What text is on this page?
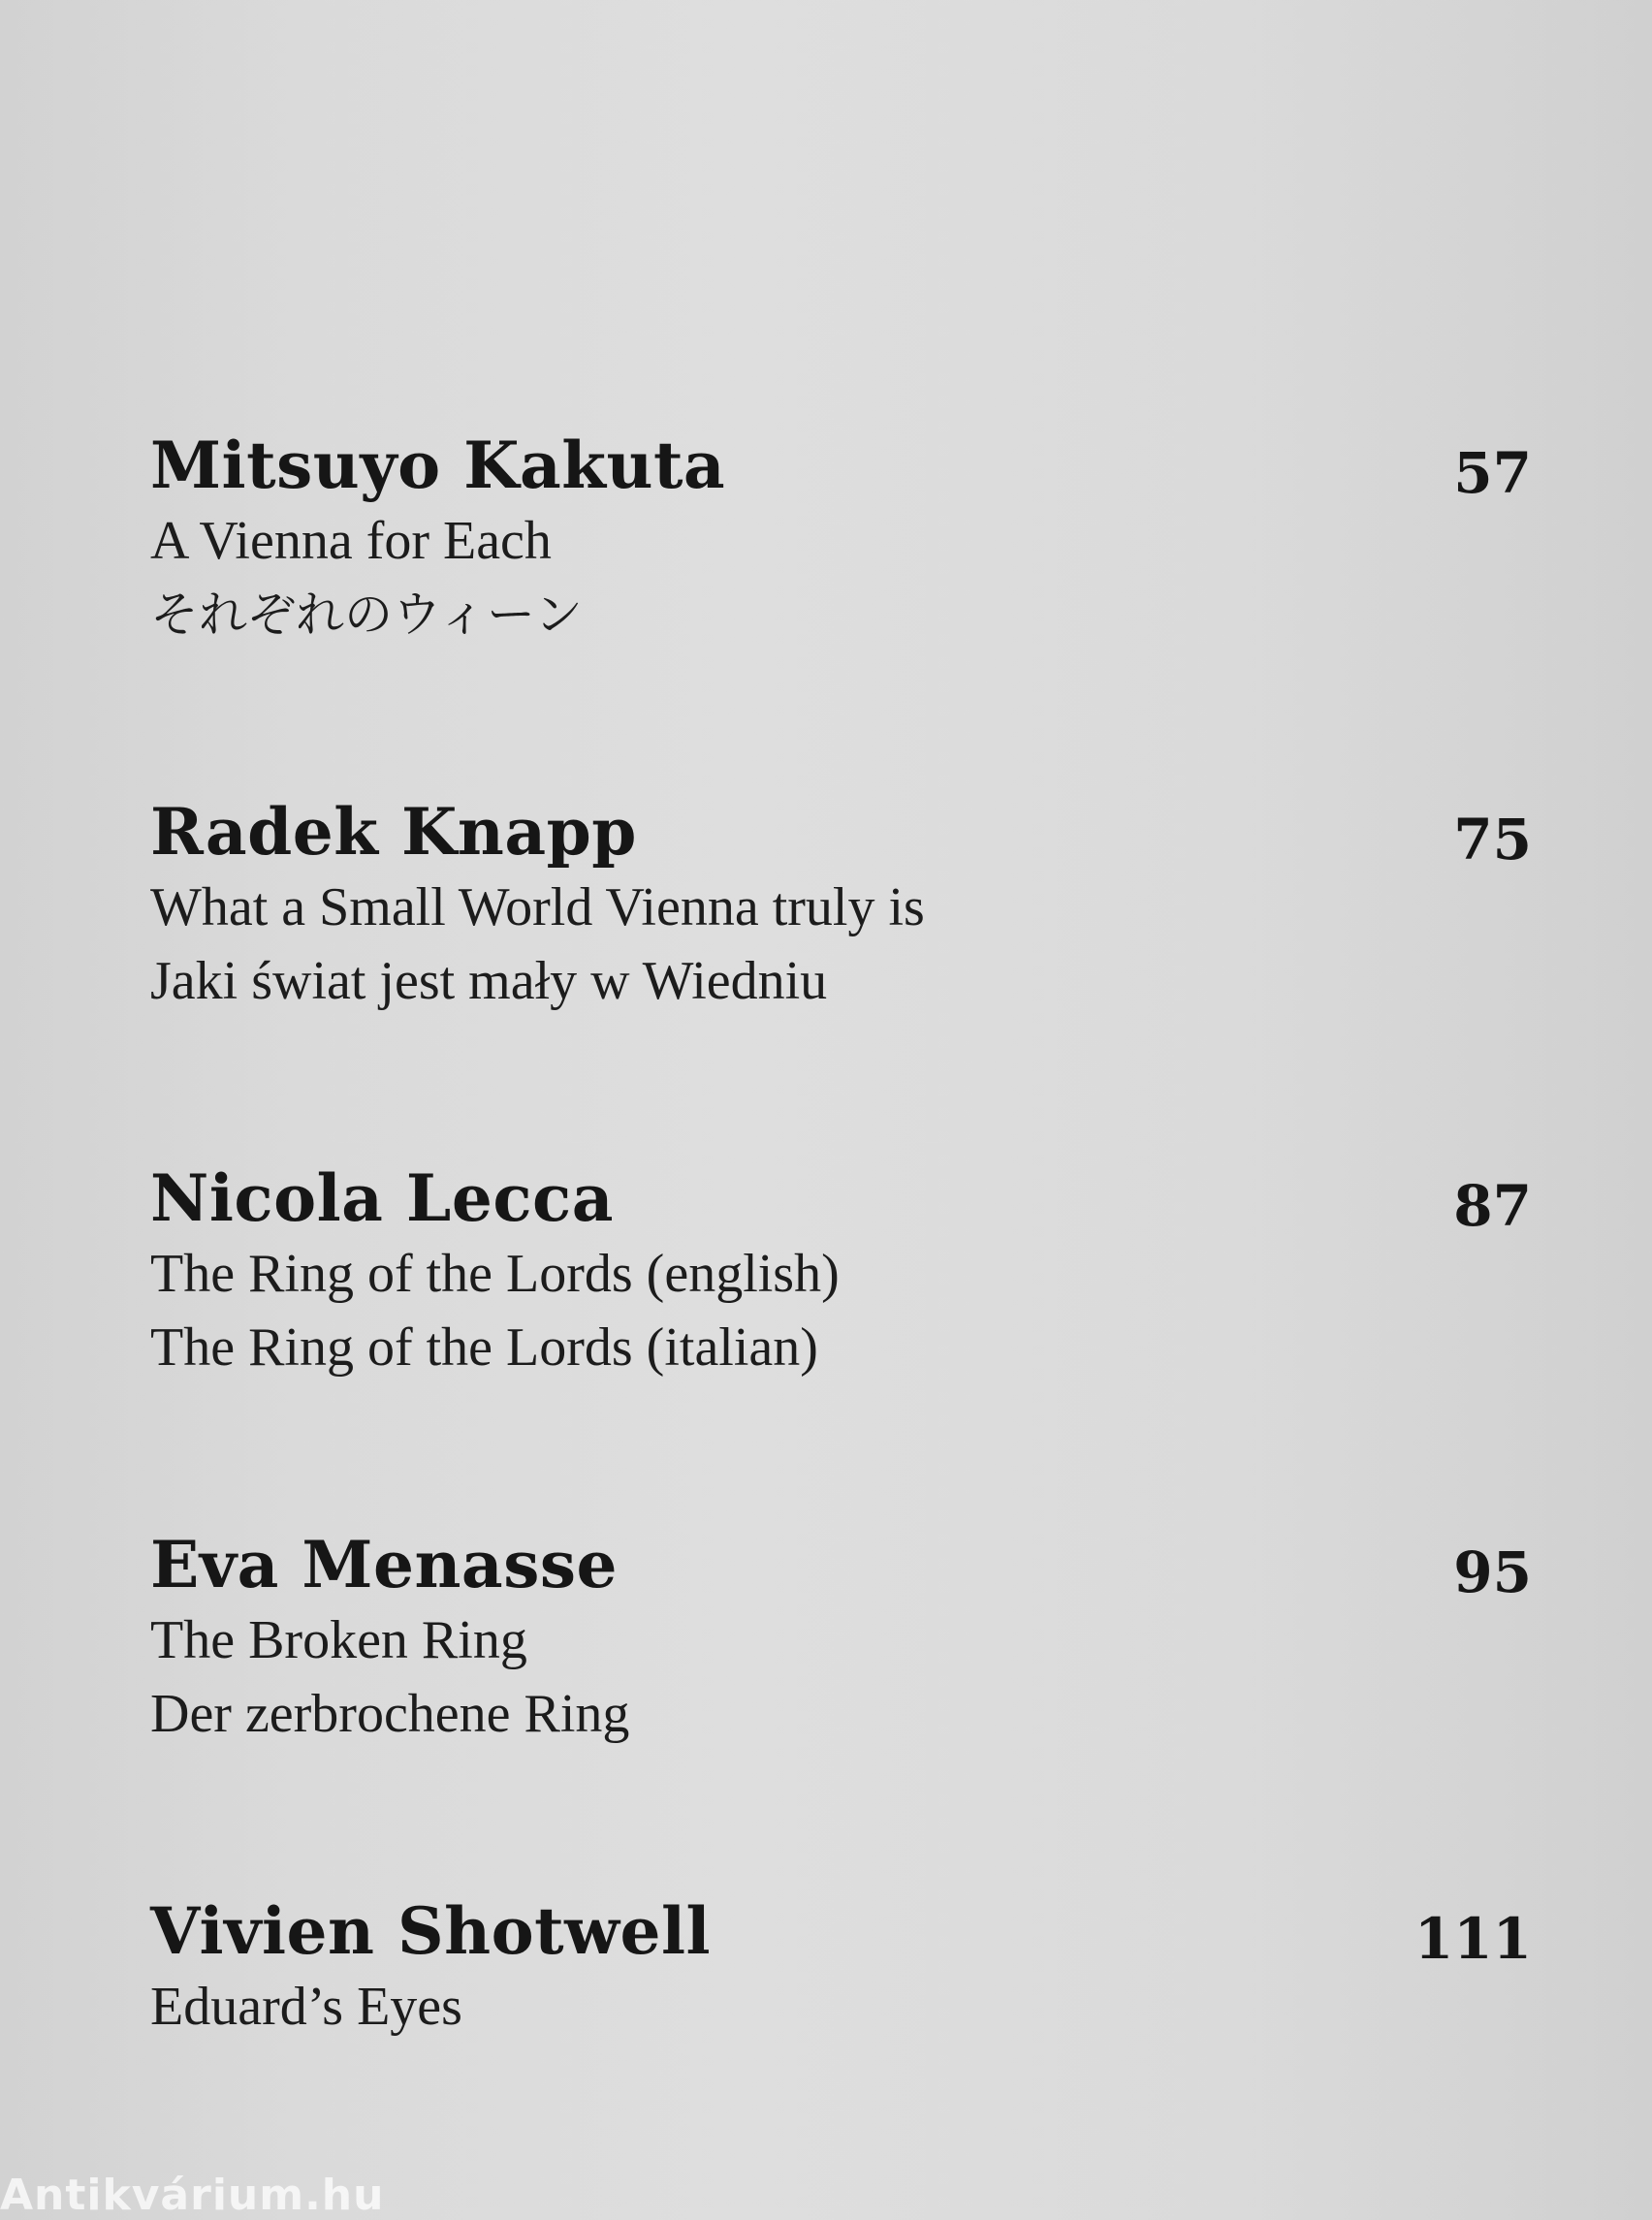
Mitsuyo Kakuta	57
A Vienna for Each
それぞれのウィーン
Radek Knapp	75
What a Small World Vienna truly is
Jaki świat jest mały w Wiedniu
Nicola Lecca	87
The Ring of the Lords (english)
The Ring of the Lords (italian)
Eva Menasse	95
The Broken Ring
Der zerbrochene Ring
Vivien Shotwell	111
Eduard’s Eyes
Antikvárium.hu
